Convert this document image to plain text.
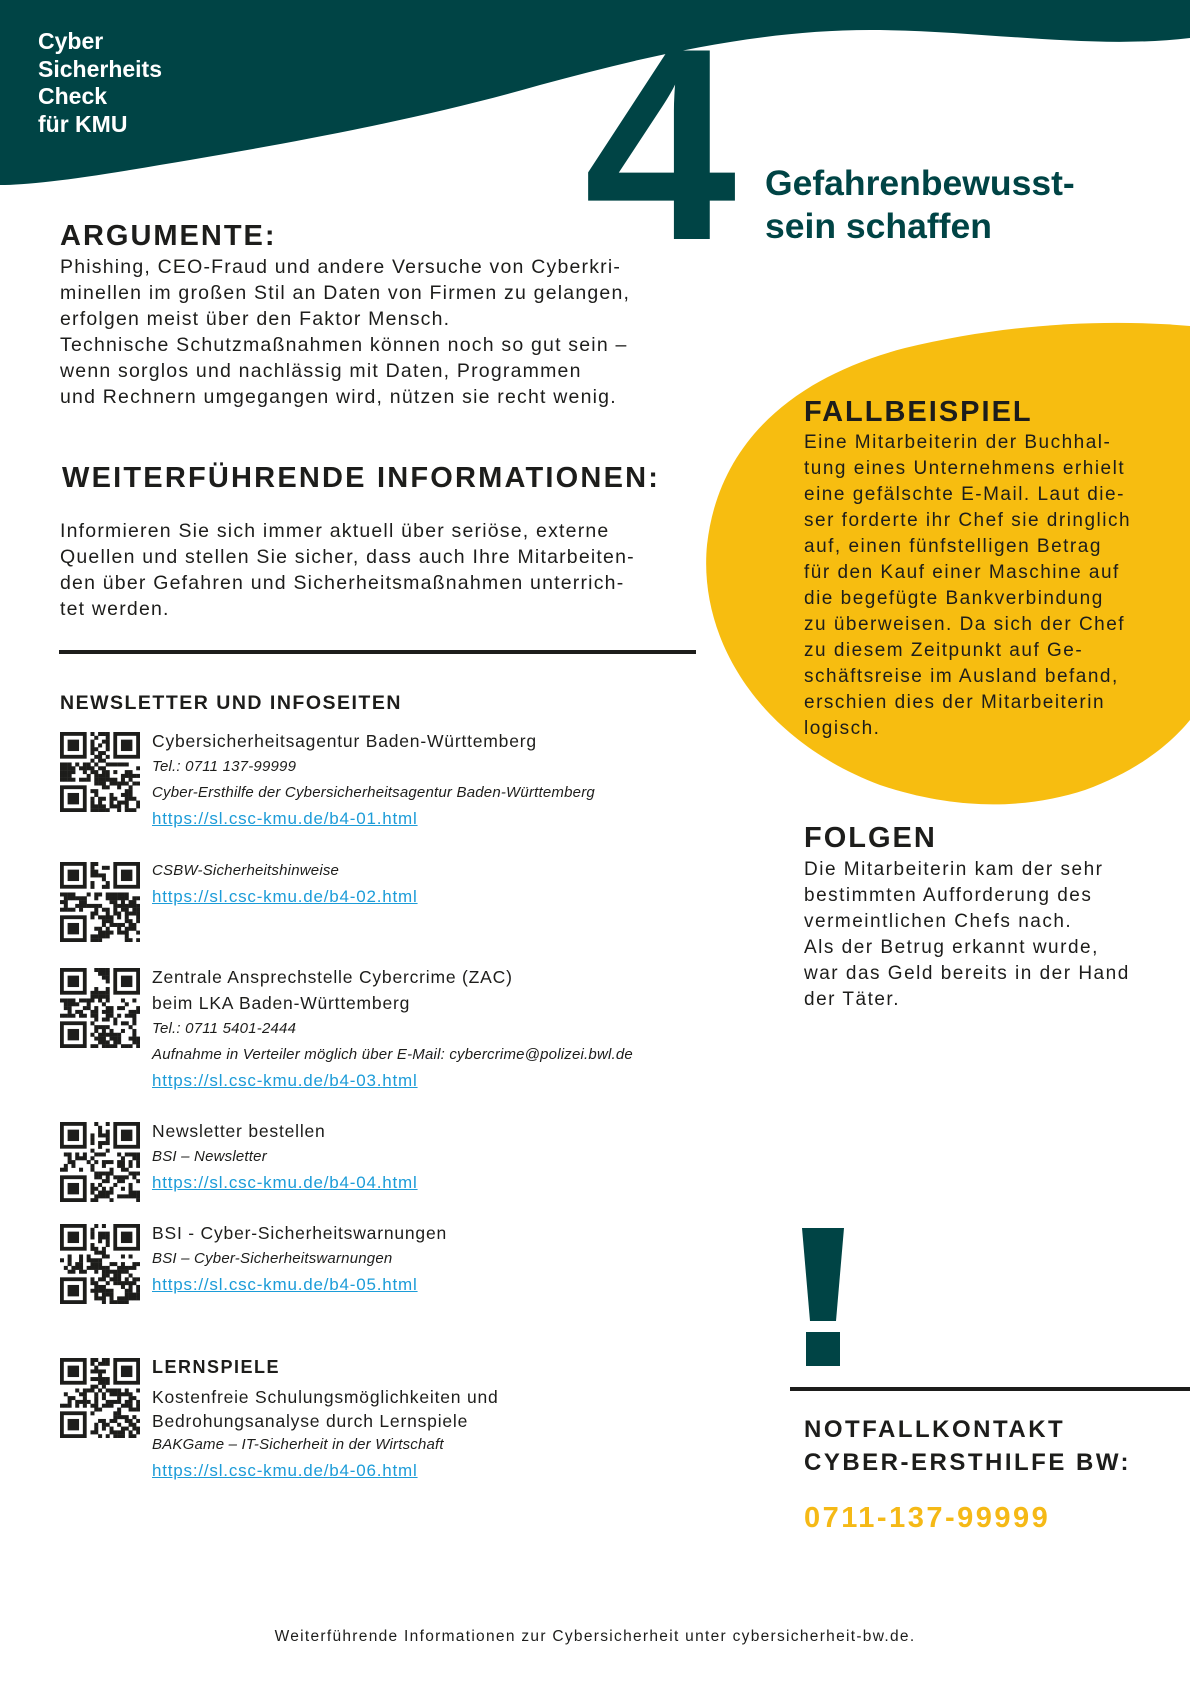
Cyber
Sicherheits
Check
für KMU 4 Gefahrenbewusst-
sein schaffen
ARGUMENTE:
Phishing, CEO-Fraud und andere Versuche von Cyberkri-
minellen im großen Stil an Daten von Firmen zu gelangen,
erfolgen meist über den Faktor Mensch.
Technische Schutzmaßnahmen können noch so gut sein –
wenn sorglos und nachlässig mit Daten, Programmen
und Rechnern umgegangen wird, nützen sie recht wenig.
WEITERFÜHRENDE INFORMATIONEN:
Informieren Sie sich immer aktuell über seriöse, externe
Quellen und stellen Sie sicher, dass auch Ihre Mitarbeiten-
den über Gefahren und Sicherheitsmaßnahmen unterrich-
tet werden.
NEWSLETTER UND INFOSEITEN
Cybersicherheitsagentur Baden-Württemberg
Tel.: 0711 137-99999
Cyber-Ersthilfe der Cybersicherheitsagentur Baden-Württemberg
https://sl.csc-kmu.de/b4-01.html
CSBW-Sicherheitshinweise
https://sl.csc-kmu.de/b4-02.html
Zentrale Ansprechstelle Cybercrime (ZAC)
beim LKA Baden-Württemberg
Tel.: 0711 5401-2444
Aufnahme in Verteiler möglich über E-Mail: cybercrime@polizei.bwl.de
https://sl.csc-kmu.de/b4-03.html
Newsletter bestellen
BSI – Newsletter
https://sl.csc-kmu.de/b4-04.html
BSI - Cyber-Sicherheitswarnungen
BSI – Cyber-Sicherheitswarnungen
https://sl.csc-kmu.de/b4-05.html
LERNSPIELE
Kostenfreie Schulungsmöglichkeiten und
Bedrohungsanalyse durch Lernspiele
BAKGame – IT-Sicherheit in der Wirtschaft
https://sl.csc-kmu.de/b4-06.html
FALLBEISPIEL
Eine Mitarbeiterin der Buchhal-
tung eines Unternehmens erhielt
eine gefälschte E-Mail. Laut die-
ser forderte ihr Chef sie dringlich
auf, einen fünfstelligen Betrag
für den Kauf einer Maschine auf
die begefügte Bankverbindung
zu überweisen. Da sich der Chef
zu diesem Zeitpunkt auf Ge-
schäftsreise im Ausland befand,
erschien dies der Mitarbeiterin
logisch.
FOLGEN
Die Mitarbeiterin kam der sehr
bestimmten Aufforderung des
vermeintlichen Chefs nach.
Als der Betrug erkannt wurde,
war das Geld bereits in der Hand
der Täter.
NOTFALLKONTAKT
CYBER-ERSTHILFE BW:
0711-137-99999
Weiterführende Informationen zur Cybersicherheit unter cybersicherheit-bw.de.
